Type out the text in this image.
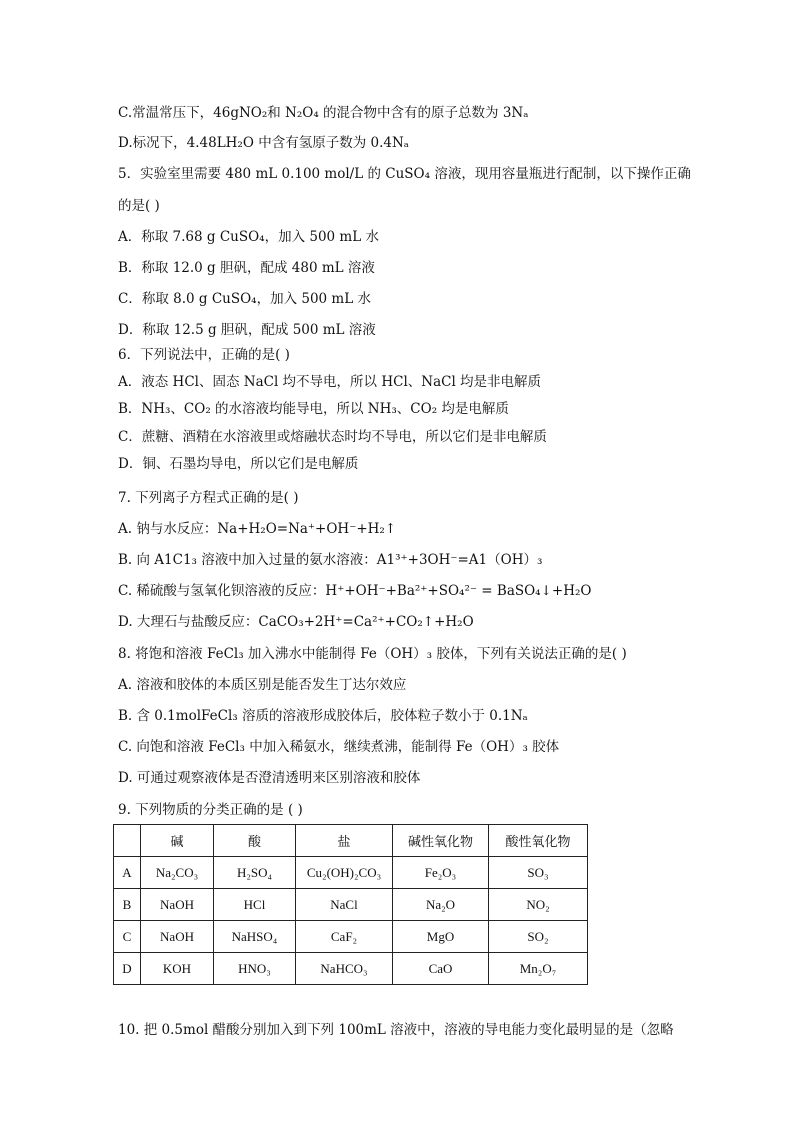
C.常温常压下，46gNO₂和 N₂O₄ 的混合物中含有的原子总数为 3Nₐ
D.标况下，4.48LH₂O 中含有氢原子数为 0.4Nₐ
5．实验室里需要 480 mL 0.100 mol/L 的 CuSO₄ 溶液，现用容量瓶进行配制，以下操作正确
的是( )
A．称取 7.68 g CuSO₄，加入 500 mL 水
B．称取 12.0 g 胆矾，配成 480 mL 溶液
C．称取 8.0 g CuSO₄，加入 500 mL 水
D．称取 12.5 g 胆矾，配成 500 mL 溶液
6．下列说法中，正确的是( )
A．液态 HCl、固态 NaCl 均不导电，所以 HCl、NaCl 均是非电解质
B．NH₃、CO₂ 的水溶液均能导电，所以 NH₃、CO₂ 均是电解质
C．蔗糖、酒精在水溶液里或熔融状态时均不导电，所以它们是非电解质
D．铜、石墨均导电，所以它们是电解质
7. 下列离子方程式正确的是( )
A. 钠与水反应：Na+H₂O=Na⁺+OH⁻+H₂↑
B. 向 A1C1₃ 溶液中加入过量的氨水溶液：A1³⁺+3OH⁻=A1（OH）₃
C. 稀硫酸与氢氧化钡溶液的反应：H⁺+OH⁻+Ba²⁺+SO₄²⁻ = BaSO₄↓+H₂O
D. 大理石与盐酸反应：CaCO₃+2H⁺=Ca²⁺+CO₂↑+H₂O
8. 将饱和溶液 FeCl₃ 加入沸水中能制得 Fe（OH）₃ 胶体，下列有关说法正确的是( )
A. 溶液和胶体的本质区别是能否发生丁达尔效应
B. 含 0.1molFeCl₃ 溶质的溶液形成胶体后，胶体粒子数小于 0.1Nₐ
C. 向饱和溶液 FeCl₃ 中加入稀氨水，继续煮沸，能制得 Fe（OH）₃ 胶体
D. 可通过观察液体是否澄清透明来区别溶液和胶体
9. 下列物质的分类正确的是 ( )
	碱	酸	盐	碱性氧化物	酸性氧化物
A	Na₂CO₃	H₂SO₄	Cu₂(OH)₂CO₃	Fe₂O₃	SO₃
B	NaOH	HCl	NaCl	Na₂O	NO₂
C	NaOH	NaHSO₄	CaF₂	MgO	SO₂
D	KOH	HNO₃	NaHCO₃	CaO	Mn₂O₇
10. 把 0.5mol 醋酸分别加入到下列 100mL 溶液中，溶液的导电能力变化最明显的是（忽略
